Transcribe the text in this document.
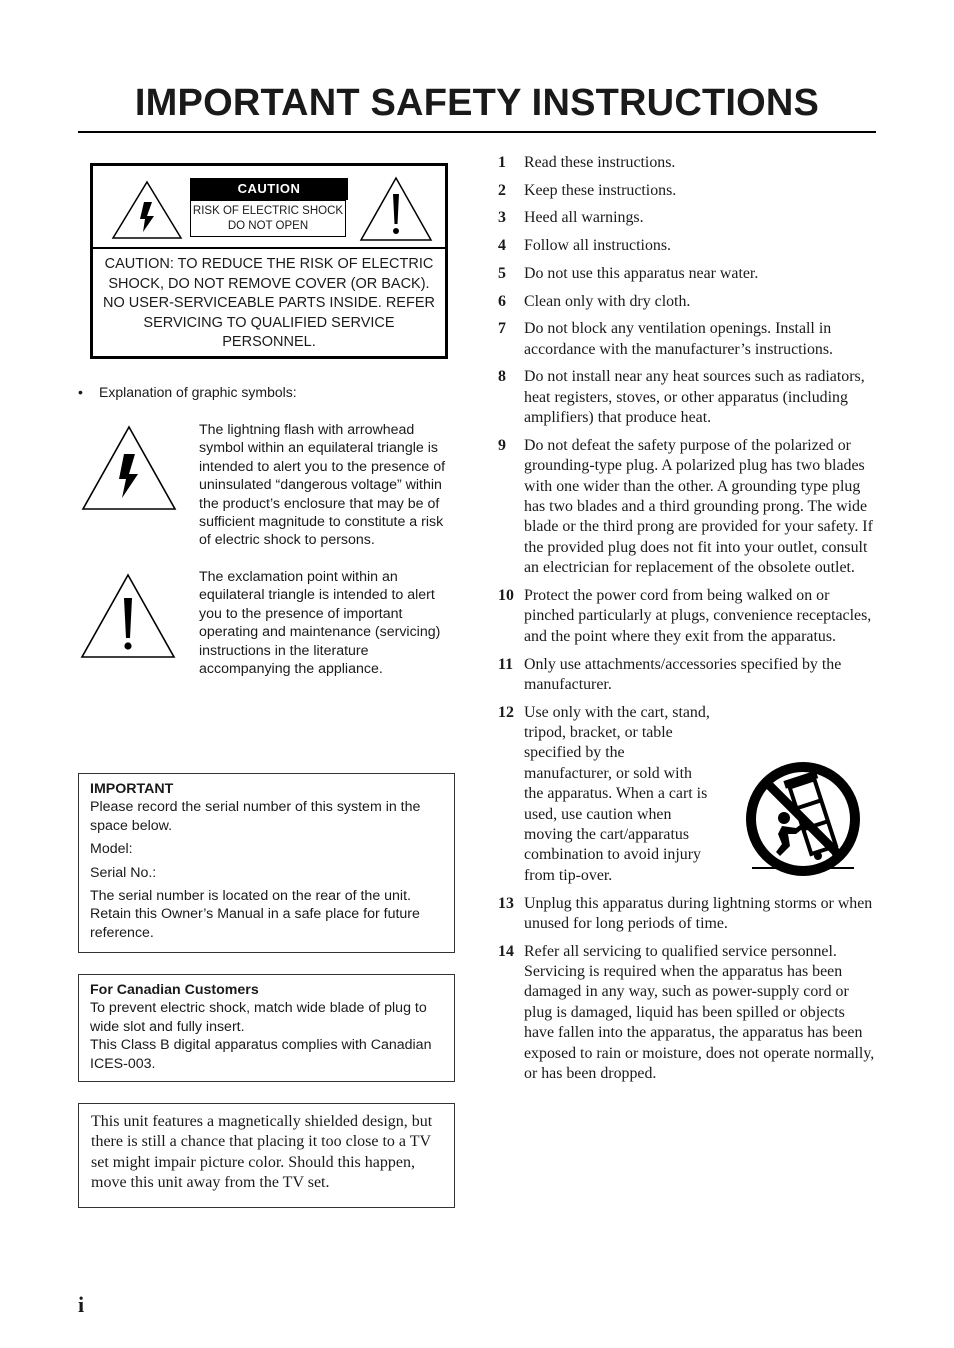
IMPORTANT SAFETY INSTRUCTIONS
CAUTION
RISK OF ELECTRIC SHOCK
DO NOT OPEN
CAUTION: TO REDUCE THE RISK OF ELECTRIC SHOCK, DO NOT REMOVE COVER (OR BACK). NO USER-SERVICEABLE PARTS INSIDE. REFER SERVICING TO QUALIFIED SERVICE PERSONNEL.
• Explanation of graphic symbols:
The lightning flash with arrowhead symbol within an equilateral triangle is intended to alert you to the presence of uninsulated “dangerous voltage” within the product’s enclosure that may be of sufficient magnitude to constitute a risk of electric shock to persons.
The exclamation point within an equilateral triangle is intended to alert you to the presence of important operating and maintenance (servicing) instructions in the literature accompanying the appliance.
IMPORTANT
Please record the serial number of this system in the space below.
Model:
Serial No.:
The serial number is located on the rear of the unit. Retain this Owner’s Manual in a safe place for future reference.
For Canadian Customers
To prevent electric shock, match wide blade of plug to wide slot and fully insert.
This Class B digital apparatus complies with Canadian ICES-003.
This unit features a magnetically shielded design, but there is still a chance that placing it too close to a TV set might impair picture color. Should this happen, move this unit away from the TV set.
1 Read these instructions.
2 Keep these instructions.
3 Heed all warnings.
4 Follow all instructions.
5 Do not use this apparatus near water.
6 Clean only with dry cloth.
7 Do not block any ventilation openings. Install in accordance with the manufacturer’s instructions.
8 Do not install near any heat sources such as radiators, heat registers, stoves, or other apparatus (including amplifiers) that produce heat.
9 Do not defeat the safety purpose of the polarized or grounding-type plug. A polarized plug has two blades with one wider than the other. A grounding type plug has two blades and a third grounding prong. The wide blade or the third prong are provided for your safety. If the provided plug does not fit into your outlet, consult an electrician for replacement of the obsolete outlet.
10 Protect the power cord from being walked on or pinched particularly at plugs, convenience receptacles, and the point where they exit from the apparatus.
11 Only use attachments/accessories specified by the manufacturer.
12 Use only with the cart, stand, tripod, bracket, or table specified by the manufacturer, or sold with the apparatus. When a cart is used, use caution when moving the cart/apparatus combination to avoid injury from tip-over.
13 Unplug this apparatus during lightning storms or when unused for long periods of time.
14 Refer all servicing to qualified service personnel. Servicing is required when the apparatus has been damaged in any way, such as power-supply cord or plug is damaged, liquid has been spilled or objects have fallen into the apparatus, the apparatus has been exposed to rain or moisture, does not operate normally, or has been dropped.
i
